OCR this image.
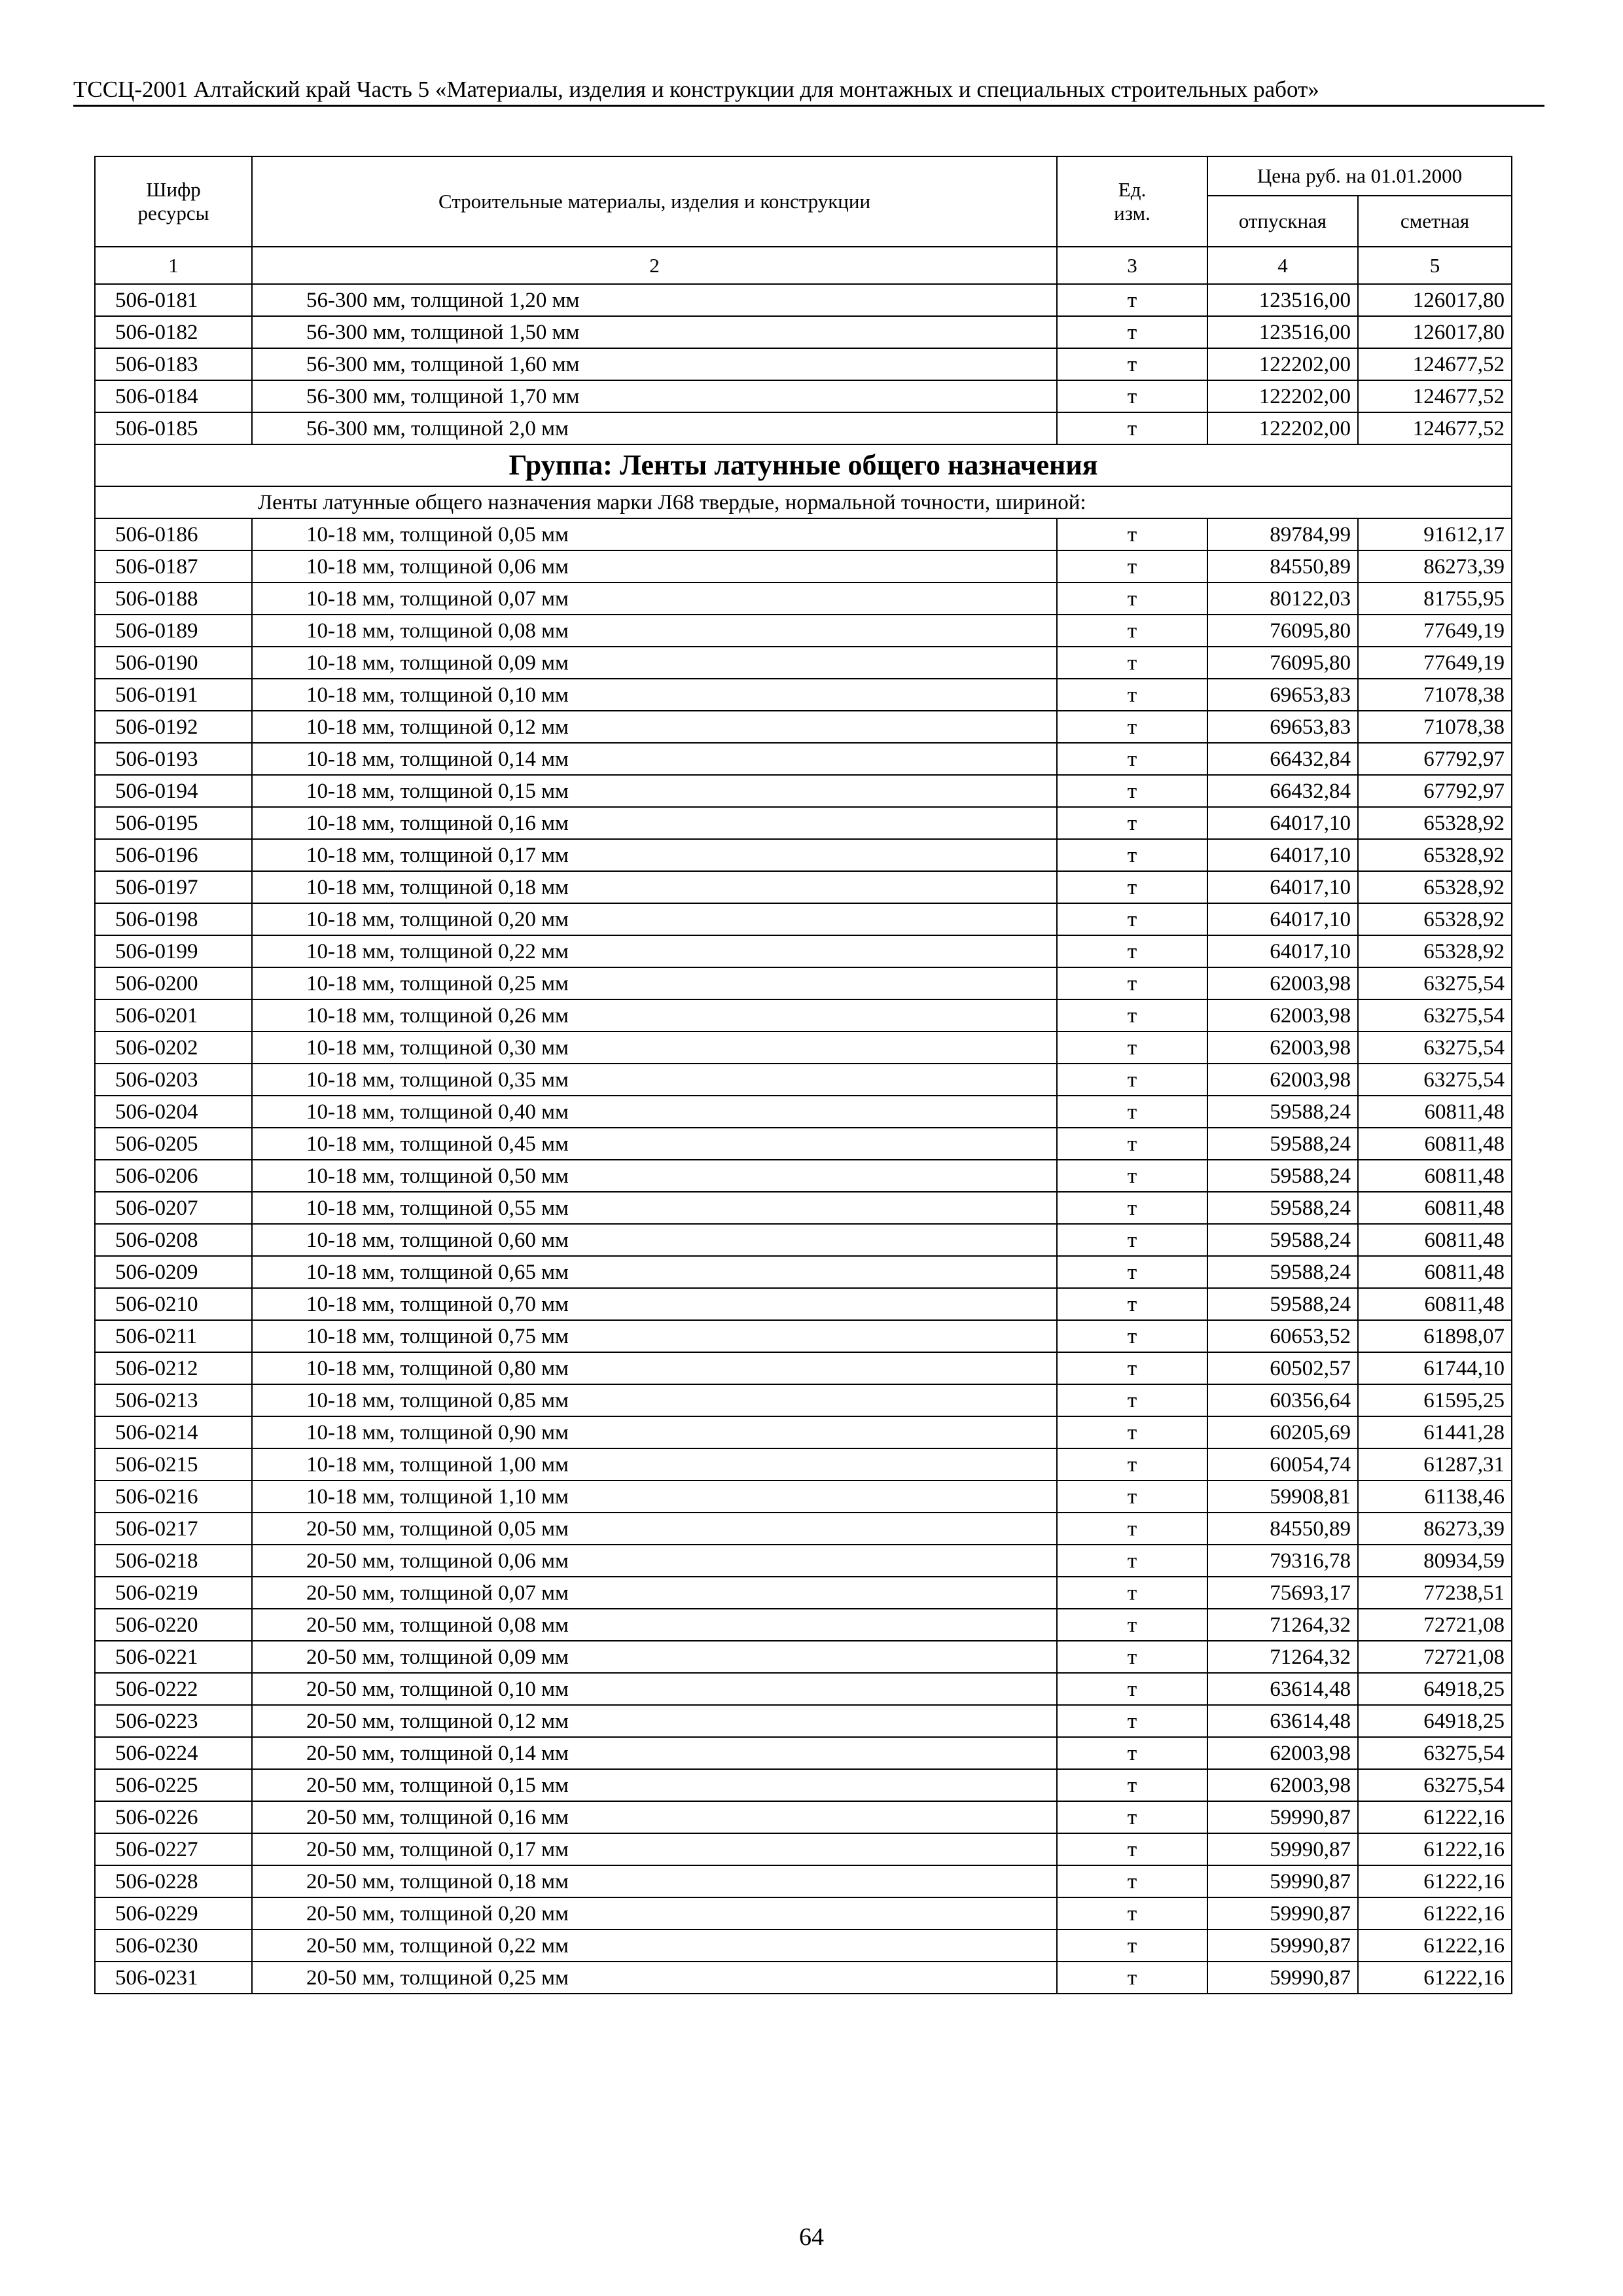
ТССЦ-2001 Алтайский край Часть 5 «Материалы, изделия и конструкции для монтажных и специальных строительных работ»
Шифр ресурсы	Строительные материалы, изделия и конструкции	Ед. изм.	Цена руб. на 01.01.2000	
			отпускная	сметная
1	2	3	4	5
506-0181	56-300 мм, толщиной 1,20 мм	т	123516,00	126017,80
506-0182	56-300 мм, толщиной 1,50 мм	т	123516,00	126017,80
506-0183	56-300 мм, толщиной 1,60 мм	т	122202,00	124677,52
506-0184	56-300 мм, толщиной 1,70 мм	т	122202,00	124677,52
506-0185	56-300 мм, толщиной 2,0 мм	т	122202,00	124677,52
Группа: Ленты латунные общего назначения				
Ленты латунные общего назначения марки Л68 твердые, нормальной точности, шириной:				
506-0186	10-18 мм, толщиной 0,05 мм	т	89784,99	91612,17
506-0187	10-18 мм, толщиной 0,06 мм	т	84550,89	86273,39
506-0188	10-18 мм, толщиной 0,07 мм	т	80122,03	81755,95
506-0189	10-18 мм, толщиной 0,08 мм	т	76095,80	77649,19
506-0190	10-18 мм, толщиной 0,09 мм	т	76095,80	77649,19
506-0191	10-18 мм, толщиной 0,10 мм	т	69653,83	71078,38
506-0192	10-18 мм, толщиной 0,12 мм	т	69653,83	71078,38
506-0193	10-18 мм, толщиной 0,14 мм	т	66432,84	67792,97
506-0194	10-18 мм, толщиной 0,15 мм	т	66432,84	67792,97
506-0195	10-18 мм, толщиной 0,16 мм	т	64017,10	65328,92
506-0196	10-18 мм, толщиной 0,17 мм	т	64017,10	65328,92
506-0197	10-18 мм, толщиной 0,18 мм	т	64017,10	65328,92
506-0198	10-18 мм, толщиной 0,20 мм	т	64017,10	65328,92
506-0199	10-18 мм, толщиной 0,22 мм	т	64017,10	65328,92
506-0200	10-18 мм, толщиной 0,25 мм	т	62003,98	63275,54
506-0201	10-18 мм, толщиной 0,26 мм	т	62003,98	63275,54
506-0202	10-18 мм, толщиной 0,30 мм	т	62003,98	63275,54
506-0203	10-18 мм, толщиной 0,35 мм	т	62003,98	63275,54
506-0204	10-18 мм, толщиной 0,40 мм	т	59588,24	60811,48
506-0205	10-18 мм, толщиной 0,45 мм	т	59588,24	60811,48
506-0206	10-18 мм, толщиной 0,50 мм	т	59588,24	60811,48
506-0207	10-18 мм, толщиной 0,55 мм	т	59588,24	60811,48
506-0208	10-18 мм, толщиной 0,60 мм	т	59588,24	60811,48
506-0209	10-18 мм, толщиной 0,65 мм	т	59588,24	60811,48
506-0210	10-18 мм, толщиной 0,70 мм	т	59588,24	60811,48
506-0211	10-18 мм, толщиной 0,75 мм	т	60653,52	61898,07
506-0212	10-18 мм, толщиной 0,80 мм	т	60502,57	61744,10
506-0213	10-18 мм, толщиной 0,85 мм	т	60356,64	61595,25
506-0214	10-18 мм, толщиной 0,90 мм	т	60205,69	61441,28
506-0215	10-18 мм, толщиной 1,00 мм	т	60054,74	61287,31
506-0216	10-18 мм, толщиной 1,10 мм	т	59908,81	61138,46
506-0217	20-50 мм, толщиной 0,05 мм	т	84550,89	86273,39
506-0218	20-50 мм, толщиной 0,06 мм	т	79316,78	80934,59
506-0219	20-50 мм, толщиной 0,07 мм	т	75693,17	77238,51
506-0220	20-50 мм, толщиной 0,08 мм	т	71264,32	72721,08
506-0221	20-50 мм, толщиной 0,09 мм	т	71264,32	72721,08
506-0222	20-50 мм, толщиной 0,10 мм	т	63614,48	64918,25
506-0223	20-50 мм, толщиной 0,12 мм	т	63614,48	64918,25
506-0224	20-50 мм, толщиной 0,14 мм	т	62003,98	63275,54
506-0225	20-50 мм, толщиной 0,15 мм	т	62003,98	63275,54
506-0226	20-50 мм, толщиной 0,16 мм	т	59990,87	61222,16
506-0227	20-50 мм, толщиной 0,17 мм	т	59990,87	61222,16
506-0228	20-50 мм, толщиной 0,18 мм	т	59990,87	61222,16
506-0229	20-50 мм, толщиной 0,20 мм	т	59990,87	61222,16
506-0230	20-50 мм, толщиной 0,22 мм	т	59990,87	61222,16
506-0231	20-50 мм, толщиной 0,25 мм	т	59990,87	61222,16
64
